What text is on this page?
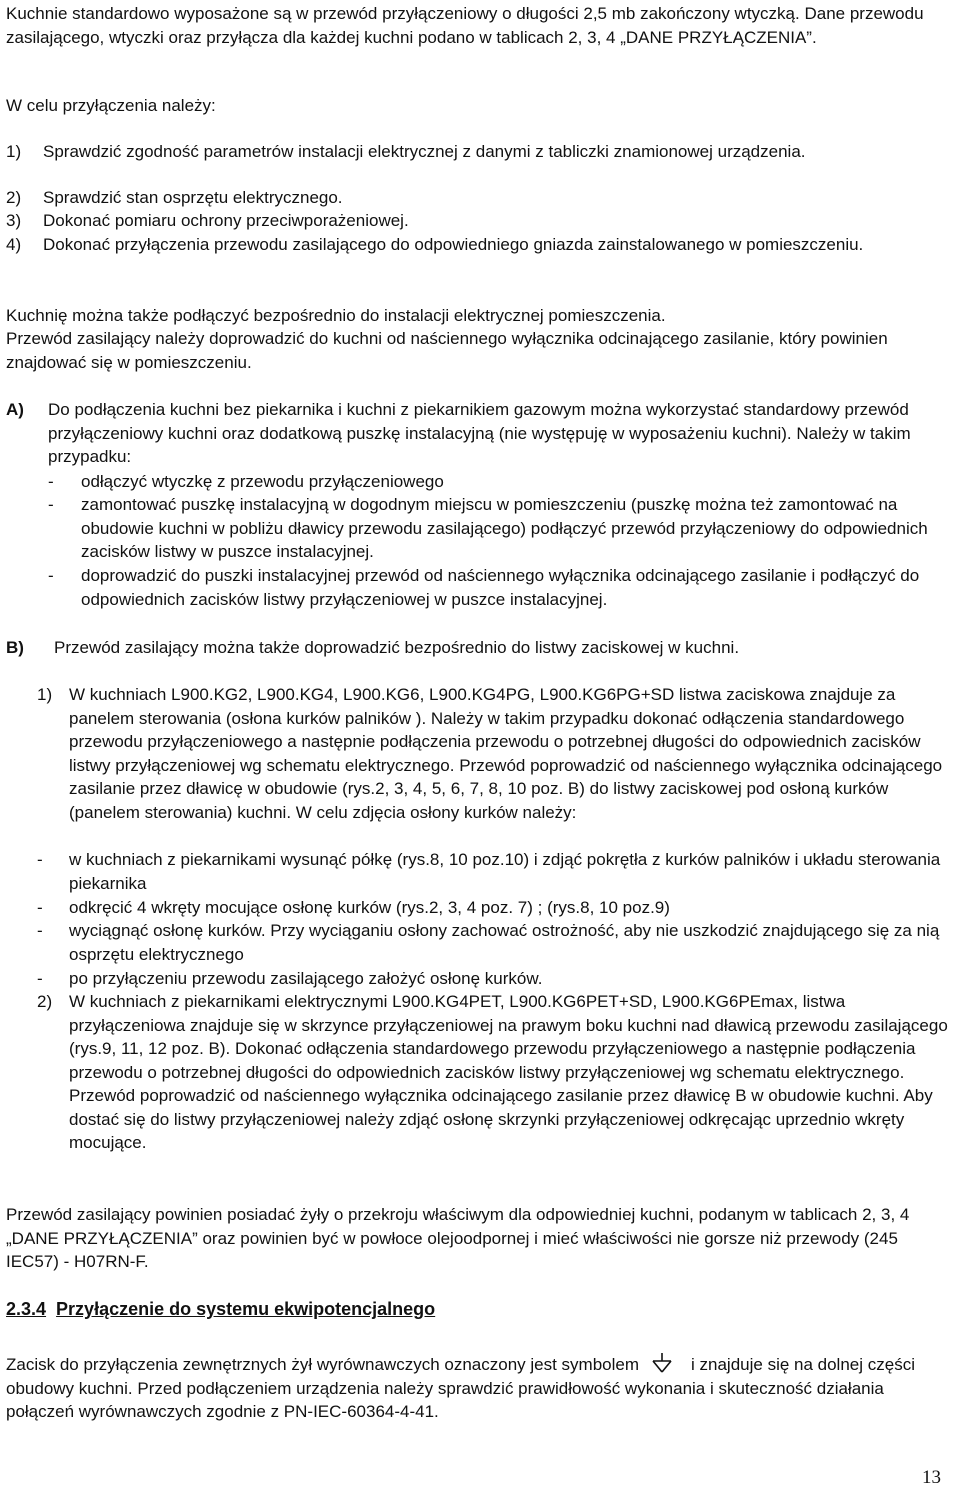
Kuchnie standardowo wyposażone są w przewód przyłączeniowy o długości 2,5 mb zakończony wtyczką. Dane przewodu zasilającego, wtyczki oraz przyłącza dla każdej kuchni podano w tablicach 2, 3, 4 „DANE PRZYŁĄCZENIA”.

W celu przyłączenia należy:

1) Sprawdzić zgodność parametrów instalacji elektrycznej z danymi z tabliczki znamionowej urządzenia.
2) Sprawdzić stan osprzętu elektrycznego.
3) Dokonać pomiaru ochrony przeciwporażeniowej.
4) Dokonać przyłączenia przewodu zasilającego do odpowiedniego gniazda zainstalowanego w pomieszczeniu.

Kuchnię można także podłączyć bezpośrednio do instalacji elektrycznej pomieszczenia.

Przewód zasilający należy doprowadzić do kuchni od naściennego wyłącznika odcinającego zasilanie, który powinien znajdować się w pomieszczeniu.

A) Do podłączenia kuchni bez piekarnika i kuchni z piekarnikiem gazowym można wykorzystać standardowy przewód przyłączeniowy kuchni oraz dodatkową puszkę instalacyjną (nie występuję w wyposażeniu kuchni). Należy w takim przypadku:
- odłączyć wtyczkę z przewodu przyłączeniowego
- zamontować puszkę instalacyjną w dogodnym miejscu w pomieszczeniu (puszkę można też zamontować na obudowie kuchni w pobliżu dławicy przewodu zasilającego) podłączyć przewód przyłączeniowy do odpowiednich zacisków listwy w puszce instalacyjnej.
- doprowadzić do puszki instalacyjnej przewód od naściennego wyłącznika odcinającego zasilanie i podłączyć do odpowiednich zacisków listwy przyłączeniowej w puszce instalacyjnej.
B) Przewód zasilający można także doprowadzić bezpośrednio do listwy zaciskowej w kuchni.
1) W kuchniach L900.KG2, L900.KG4, L900.KG6, L900.KG4PG, L900.KG6PG+SD listwa zaciskowa znajduje za panelem sterowania (osłona kurków palników ). Należy w takim przypadku dokonać odłączenia standardowego przewodu przyłączeniowego a następnie podłączenia przewodu o potrzebnej długości do odpowiednich zacisków listwy przyłączeniowej wg schematu elektrycznego. Przewód poprowadzić od naściennego wyłącznika odcinającego zasilanie przez dławicę w obudowie (rys.2, 3, 4, 5, 6, 7, 8, 10 poz. B) do listwy zaciskowej pod osłoną kurków (panelem sterowania) kuchni. W celu zdjęcia osłony kurków należy:
- w kuchniach z piekarnikami wysunąć półkę (rys.8, 10 poz.10) i zdjąć pokrętła z kurków palników i układu sterowania piekarnika
- odkręcić 4 wkręty mocujące osłonę kurków (rys.2, 3, 4 poz. 7) ; (rys.8, 10 poz.9)
- wyciągnąć osłonę kurków. Przy wyciąganiu osłony zachować ostrożność, aby nie uszkodzić znajdującego się za nią osprzętu elektrycznego
- po przyłączeniu przewodu zasilającego założyć osłonę kurków.
2) W kuchniach z piekarnikami elektrycznymi L900.KG4PET, L900.KG6PET+SD, L900.KG6PEmax, listwa przyłączeniowa znajduje się w skrzynce przyłączeniowej na prawym boku kuchni nad dławicą przewodu zasilającego (rys.9, 11, 12 poz. B). Dokonać odłączenia standardowego przewodu przyłączeniowego a następnie podłączenia przewodu o potrzebnej długości do odpowiednich zacisków listwy przyłączeniowej wg schematu elektrycznego. Przewód poprowadzić od naściennego wyłącznika odcinającego zasilanie przez dławicę B w obudowie kuchni. Aby dostać się do listwy przyłączeniowej należy zdjąć osłonę skrzynki przyłączeniowej odkręcając uprzednio wkręty mocujące.

Przewód zasilający powinien posiadać żyły o przekroju właściwym dla odpowiedniej kuchni, podanym w tablicach 2, 3, 4 „DANE PRZYŁĄCZENIA” oraz powinien być w powłoce olejoodpornej i mieć właściwości nie gorsze niż przewody (245 IEC57) - H07RN-F.

2.3.4 Przyłączenie do systemu ekwipotencjalnego

Zacisk do przyłączenia zewnętrznych żył wyrównawczych oznaczony jest symbolem	i znajduje się na dolnej części obudowy kuchni. Przed podłączeniem urządzenia należy sprawdzić prawidłowość wykonania i skuteczność działania połączeń wyrównawczych zgodnie z PN-IEC-60364-4-41.

13
